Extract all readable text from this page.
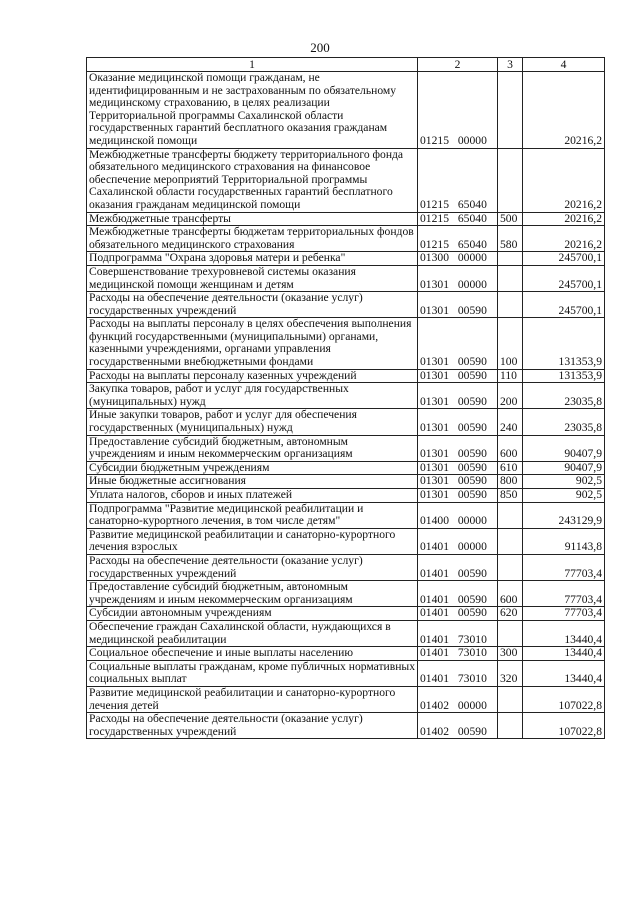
200
1	2	3	4
Оказание медицинской помощи гражданам, не идентифицированным и не застрахованным по обязательному медицинскому страхованию, в целях реализации Территориальной программы Сахалинской области государственных гарантий бесплатного оказания гражданам медицинской помощи	01215 00000		20216,2
Межбюджетные трансферты бюджету территориального фонда обязательного медицинского страхования на финансовое обеспечение мероприятий Территориальной программы Сахалинской области государственных гарантий бесплатного оказания гражданам медицинской помощи	01215 65040		20216,2
Межбюджетные трансферты	01215 65040	500	20216,2
Межбюджетные трансферты бюджетам территориальных фондов обязательного медицинского страхования	01215 65040	580	20216,2
Подпрограмма "Охрана здоровья матери и ребенка"	01300 00000		245700,1
Совершенствование трехуровневой системы оказания медицинской помощи женщинам и детям	01301 00000		245700,1
Расходы на обеспечение деятельности (оказание услуг) государственных учреждений	01301 00590		245700,1
Расходы на выплаты персоналу в целях обеспечения выполнения функций государственными (муниципальными) органами, казенными учреждениями, органами управления государственными внебюджетными фондами	01301 00590	100	131353,9
Расходы на выплаты персоналу казенных учреждений	01301 00590	110	131353,9
Закупка товаров, работ и услуг для государственных (муниципальных) нужд	01301 00590	200	23035,8
Иные закупки товаров, работ и услуг для обеспечения государственных (муниципальных) нужд	01301 00590	240	23035,8
Предоставление субсидий бюджетным, автономным учреждениям и иным некоммерческим организациям	01301 00590	600	90407,9
Субсидии бюджетным учреждениям	01301 00590	610	90407,9
Иные бюджетные ассигнования	01301 00590	800	902,5
Уплата налогов, сборов и иных платежей	01301 00590	850	902,5
Подпрограмма "Развитие медицинской реабилитации и санаторно-курортного лечения, в том числе детям"	01400 00000		243129,9
Развитие медицинской реабилитации и санаторно-курортного лечения взрослых	01401 00000		91143,8
Расходы на обеспечение деятельности (оказание услуг) государственных учреждений	01401 00590		77703,4
Предоставление субсидий бюджетным, автономным учреждениям и иным некоммерческим организациям	01401 00590	600	77703,4
Субсидии автономным учреждениям	01401 00590	620	77703,4
Обеспечение граждан Сахалинской области, нуждающихся в медицинской реабилитации	01401 73010		13440,4
Социальное обеспечение и иные выплаты населению	01401 73010	300	13440,4
Социальные выплаты гражданам, кроме публичных нормативных социальных выплат	01401 73010	320	13440,4
Развитие медицинской реабилитации и санаторно-курортного лечения детей	01402 00000		107022,8
Расходы на обеспечение деятельности (оказание услуг) государственных учреждений	01402 00590		107022,8
